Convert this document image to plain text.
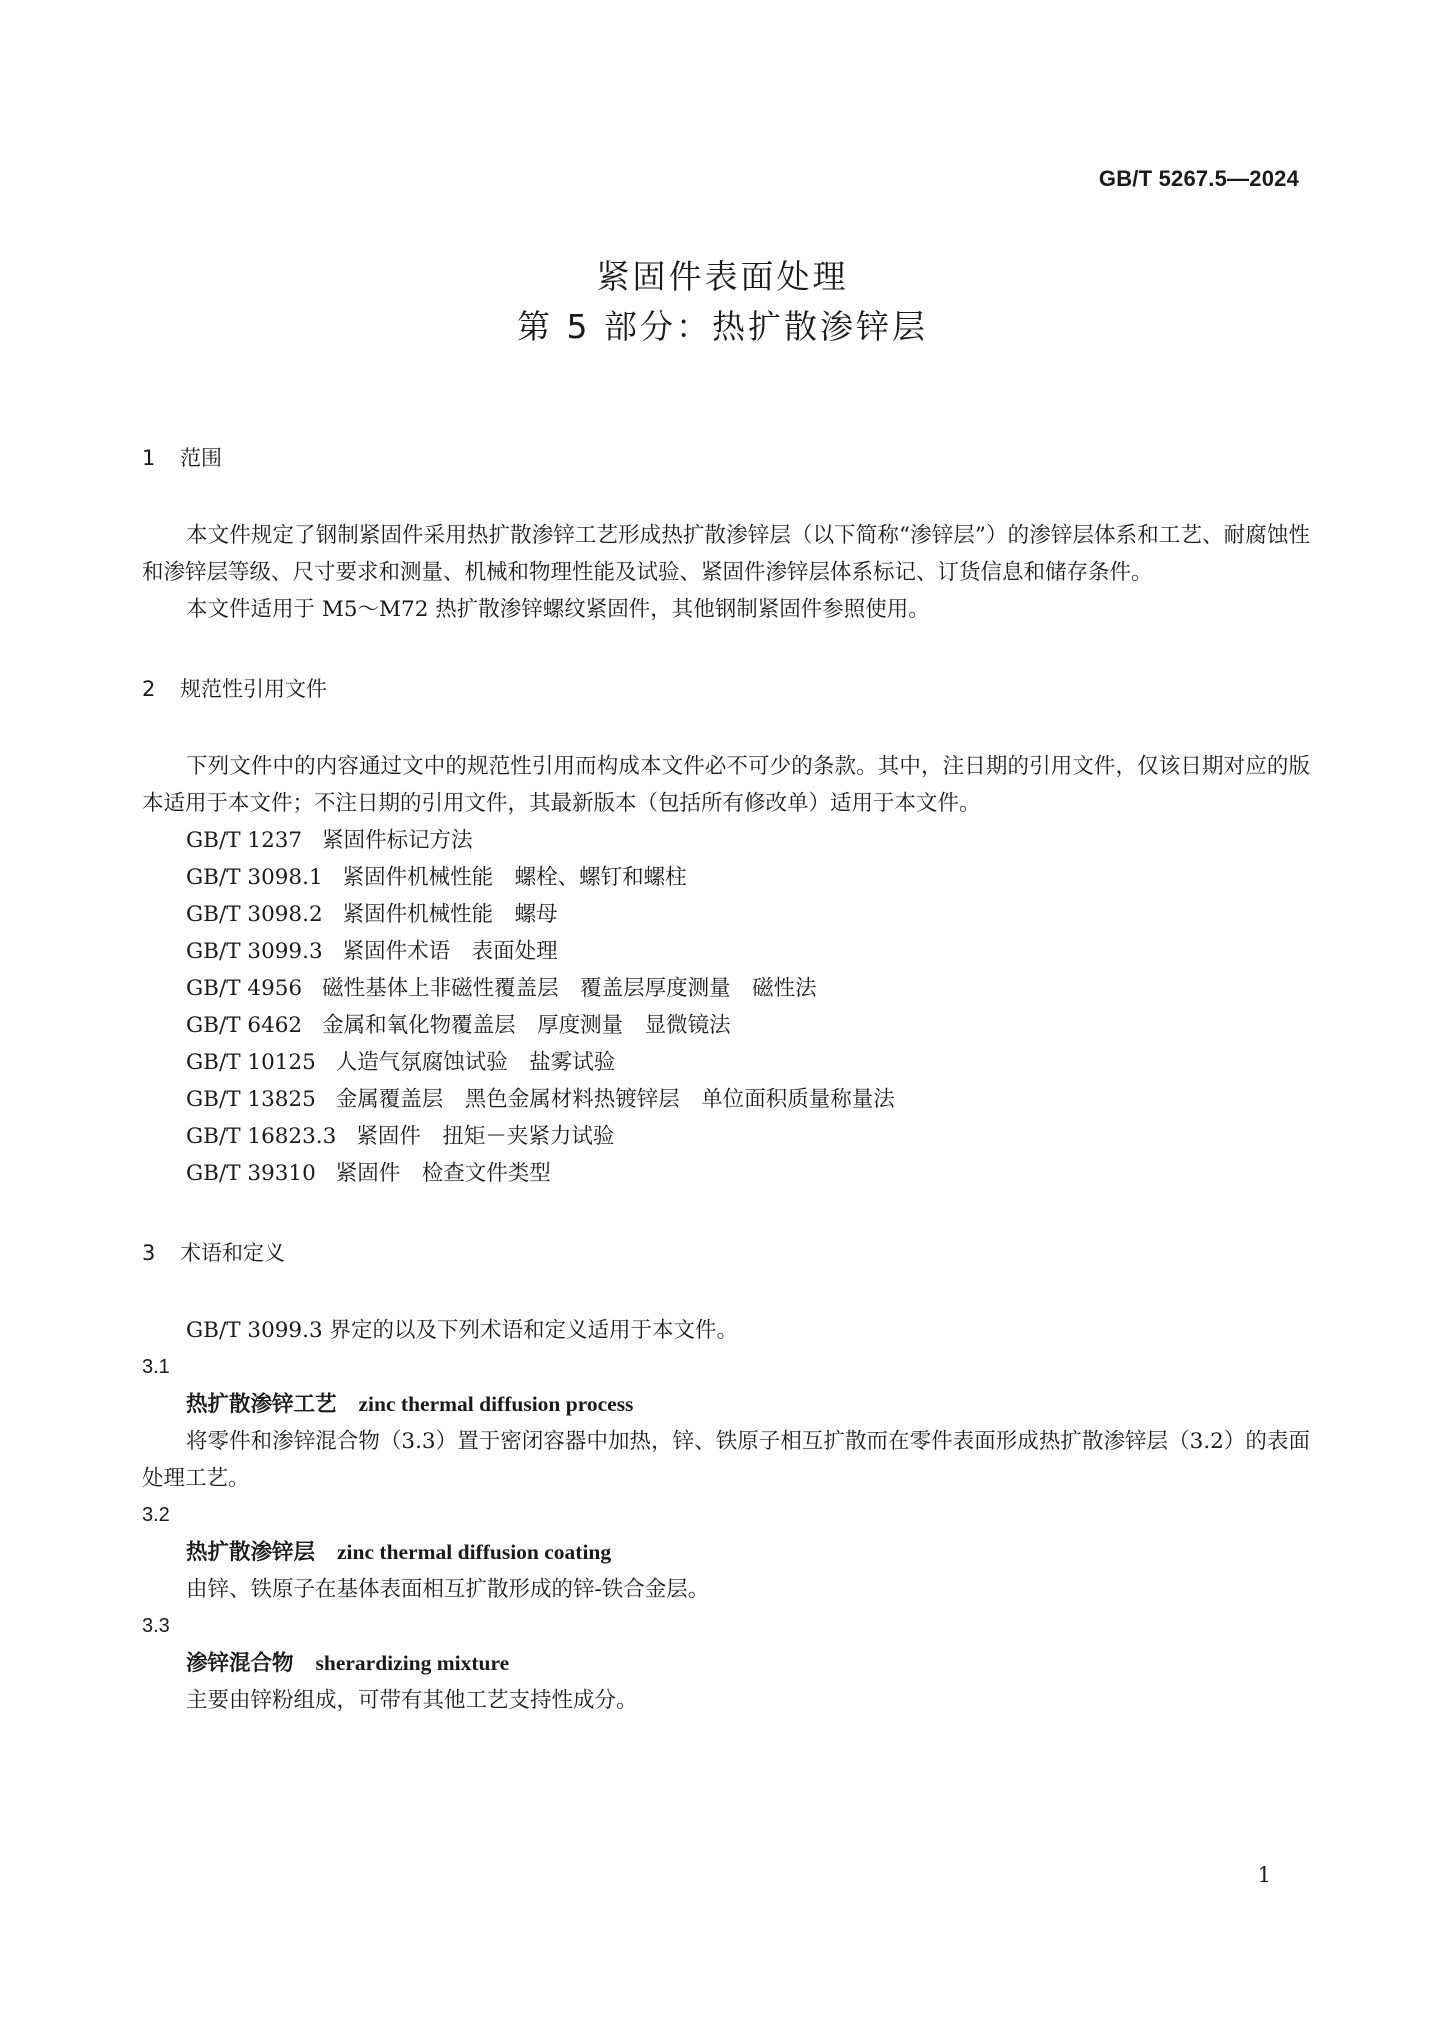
GB/T 5267.5—2024
紧固件表面处理
第 5 部分：热扩散渗锌层
1 范围

本文件规定了钢制紧固件采用热扩散渗锌工艺形成热扩散渗锌层（以下简称“渗锌层”）的渗锌层体系和工艺、耐腐蚀性和渗锌层等级、尺寸要求和测量、机械和物理性能及试验、紧固件渗锌层体系标记、订货信息和储存条件。

本文件适用于 M5～M72 热扩散渗锌螺纹紧固件，其他钢制紧固件参照使用。

2 规范性引用文件

下列文件中的内容通过文中的规范性引用而构成本文件必不可少的条款。其中，注日期的引用文件，仅该日期对应的版本适用于本文件；不注日期的引用文件，其最新版本（包括所有修改单）适用于本文件。

GB/T 1237 紧固件标记方法

GB/T 3098.1 紧固件机械性能　螺栓、螺钉和螺柱

GB/T 3098.2 紧固件机械性能　螺母

GB/T 3099.3 紧固件术语　表面处理

GB/T 4956 磁性基体上非磁性覆盖层　覆盖层厚度测量　磁性法

GB/T 6462 金属和氧化物覆盖层　厚度测量　显微镜法

GB/T 10125 人造气氛腐蚀试验　盐雾试验

GB/T 13825 金属覆盖层　黑色金属材料热镀锌层　单位面积质量称量法

GB/T 16823.3 紧固件　扭矩－夹紧力试验

GB/T 39310 紧固件　检查文件类型

3 术语和定义

GB/T 3099.3 界定的以及下列术语和定义适用于本文件。

3.1

热扩散渗锌工艺 zinc thermal diffusion process

将零件和渗锌混合物（3.3）置于密闭容器中加热，锌、铁原子相互扩散而在零件表面形成热扩散渗锌层（3.2）的表面处理工艺。

3.2

热扩散渗锌层 zinc thermal diffusion coating

由锌、铁原子在基体表面相互扩散形成的锌-铁合金层。

3.3

渗锌混合物 sherardizing mixture

主要由锌粉组成，可带有其他工艺支持性成分。

1
